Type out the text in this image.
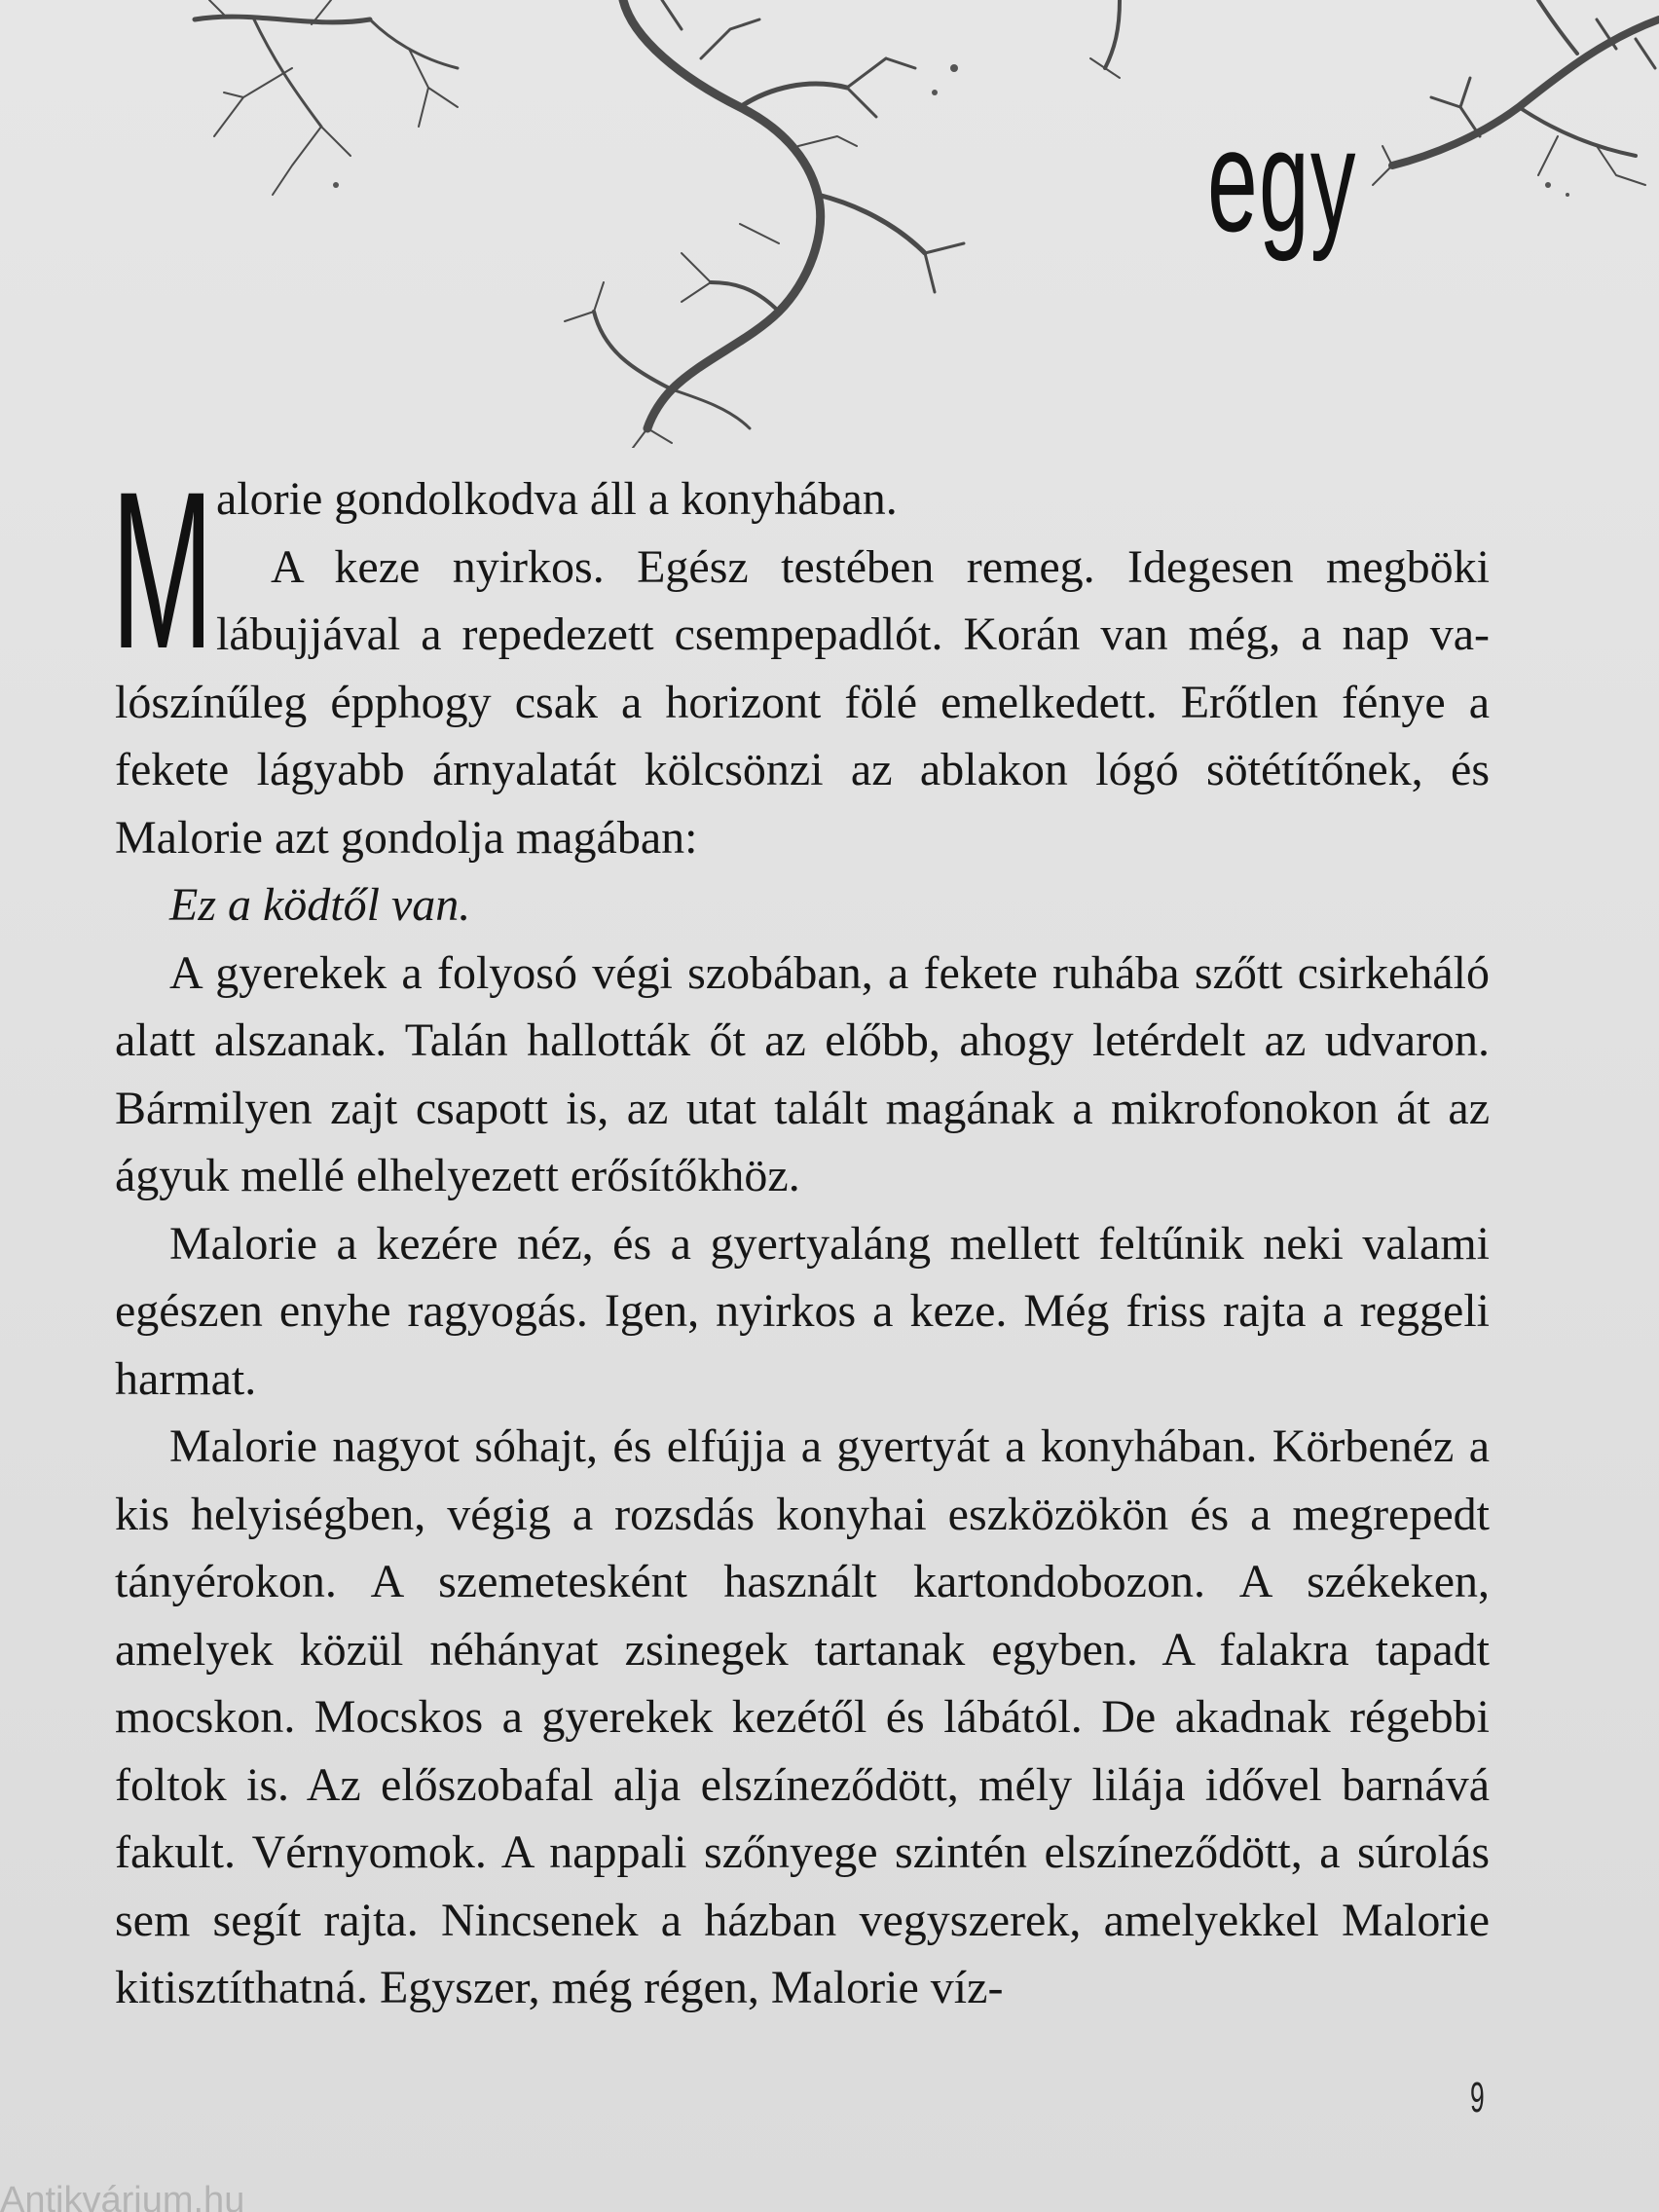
egy

Malorie gondolkodva áll a konyhában.

A keze nyirkos. Egész testében remeg. Idegesen megböki lábujjával a repedezett csempepadlót. Korán van még, a nap valószínűleg épphogy csak a horizont fölé emelkedett. Erőtlen fénye a fekete lágyabb árnyalatát kölcsönzi az ablakon lógó sötétítőnek, és Malorie azt gondolja magában:

Ez a ködtől van.

A gyerekek a folyosó végi szobában, a fekete ruhába szőtt csirkeháló alatt alszanak. Talán hallották őt az előbb, ahogy letérdelt az udvaron. Bármilyen zajt csapott is, az utat talált magának a mikrofonokon át az ágyuk mellé elhelyezett erősítőkhöz.

Malorie a kezére néz, és a gyertyaláng mellett feltűnik neki valami egészen enyhe ragyogás. Igen, nyirkos a keze. Még friss rajta a reggeli harmat.

Malorie nagyot sóhajt, és elfújja a gyertyát a konyhában. Körbenéz a kis helyiségben, végig a rozsdás konyhai eszközökön és a megrepedt tányérokon. A szemetesként használt kartondobozon. A székeken, amelyek közül néhányat zsinegek tartanak egyben. A falakra tapadt mocskon. Mocskos a gyerekek kezétől és lábától. De akadnak régebbi foltok is. Az előszobafal alja elszíneződött, mély lilája idővel barnává fakult. Vérnyomok. A nappali szőnyege szintén elszíneződött, a súrolás sem segít rajta. Nincsenek a házban vegyszerek, amelyekkel Malorie kitisztíthatná. Egyszer, még régen, Malorie víz-

9
Antikvárium.hu
